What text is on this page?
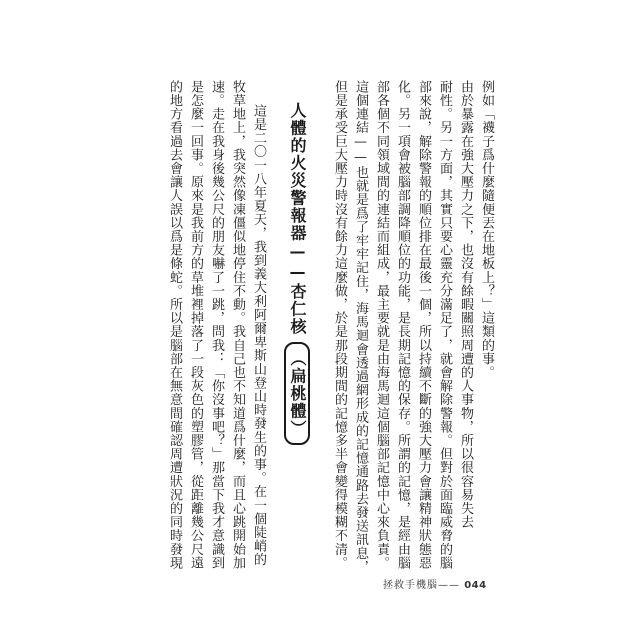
例如「襪子爲什麼隨便丟在地板上？」這類的事。
由於暴露在強大壓力之下，也沒有餘暇關照周遭的人事物，所以很容易失去
耐性。另一方面，其實只要心靈充分滿足了，就會解除警報。但對於面臨威脅的腦
部來說，解除警報的順位排在最後一個，所以持續不斷的強大壓力會讓精神狀態惡
化。另一項會被腦部調降順位的功能，是長期記憶的保存。所謂的記憶，是經由腦
部各個不同領域間的連結而組成，最主要就是由海馬迴這個腦部記憶中心來負責。
這個連結——也就是爲了牢牢記住，海馬迴會透過網形成的記憶通路去發送訊息，
但是承受巨大壓力時沒有餘力這麼做，於是那段期間的記憶多半會變得模糊不清。
人體的火災警報器——杏仁核（扁桃體）
這是二〇一八年夏天，我到義大利阿爾卑斯山登山時發生的事。在一個陡峭的
牧草地上，我突然像凍僵似地停住不動。我自己也不知道爲什麼，而且心跳開始加
速。走在我身後幾公尺的朋友嚇了一跳，問我：「你沒事吧？」那當下我才意識到
是怎麼一回事。原來是我前方的草堆裡掉落了一段灰色的塑膠管，從距離幾公尺遠
的地方看過去會讓人誤以爲是條蛇。所以是腦部在無意間確認周遭狀況的同時發現
拯救手機腦—— 044
